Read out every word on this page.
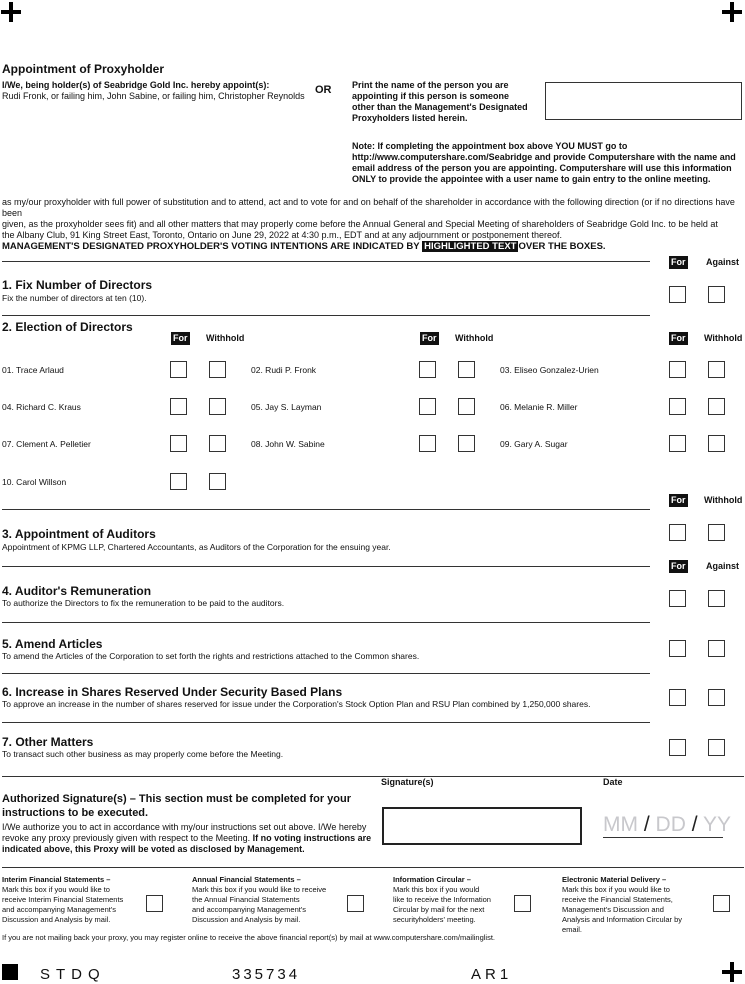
Appointment of Proxyholder
I/We, being holder(s) of Seabridge Gold Inc. hereby appoint(s):
Rudi Fronk, or failing him, John Sabine, or failing him, Christopher Reynolds OR Print the name of the person you are
appointing if this person is someone
other than the Management's Designated
Proxyholders listed herein.
Note: If completing the appointment box above YOU MUST go to
http://www.computershare.com/Seabridge and provide Computershare with the name and
email address of the person you are appointing. Computershare will use this information
ONLY to provide the appointee with a user name to gain entry to the online meeting.
as my/our proxyholder with full power of substitution and to attend, act and to vote for and on behalf of the shareholder in accordance with the following direction (or if no directions have been
given, as the proxyholder sees fit) and all other matters that may properly come before the Annual General and Special Meeting of shareholders of Seabridge Gold Inc. to be held at
the Albany Club, 91 King Street East, Toronto, Ontario on June 29, 2022 at 4:30 p.m., EDT and at any adjournment or postponement thereof.
MANAGEMENT'S DESIGNATED PROXYHOLDER'S VOTING INTENTIONS ARE INDICATED BY HIGHLIGHTED TEXT OVER THE BOXES.
For Against
1. Fix Number of Directors
Fix the number of directors at ten (10).
2. Election of Directors
For Withhold	For Withhold	For Withhold
01. Trace Arlaud	02. Rudi P. Fronk	03. Eliseo Gonzalez-Urien
04. Richard C. Kraus	05. Jay S. Layman	06. Melanie R. Miller
07. Clement A. Pelletier	08. John W. Sabine	09. Gary A. Sugar
10. Carol Willson
For Withhold
3. Appointment of Auditors
Appointment of KPMG LLP, Chartered Accountants, as Auditors of the Corporation for the ensuing year.
For Against
4. Auditor's Remuneration
To authorize the Directors to fix the remuneration to be paid to the auditors.
5. Amend Articles
To amend the Articles of the Corporation to set forth the rights and restrictions attached to the Common shares.
6. Increase in Shares Reserved Under Security Based Plans
To approve an increase in the number of shares reserved for issue under the Corporation's Stock Option Plan and RSU Plan combined by 1,250,000 shares.
7. Other Matters
To transact such other business as may properly come before the Meeting.
Authorized Signature(s) – This section must be completed for your
instructions to be executed.
I/We authorize you to act in accordance with my/our instructions set out above. I/We hereby
revoke any proxy previously given with respect to the Meeting. If no voting instructions are
indicated above, this Proxy will be voted as disclosed by Management.
Signature(s)	Date
MM / DD / YY
Interim Financial Statements –
Mark this box if you would like to
receive Interim Financial Statements
and accompanying Management's
Discussion and Analysis by mail.
Annual Financial Statements –
Mark this box if you would like to receive
the Annual Financial Statements
and accompanying Management's
Discussion and Analysis by mail.
Information Circular –
Mark this box if you would
like to receive the Information
Circular by mail for the next
securityholders' meeting.
Electronic Material Delivery –
Mark this box if you would like to
receive the Financial Statements,
Management's Discussion and
Analysis and Information Circular by
email.
If you are not mailing back your proxy, you may register online to receive the above financial report(s) by mail at www.computershare.com/mailinglist.
STDQ	335734	AR1
